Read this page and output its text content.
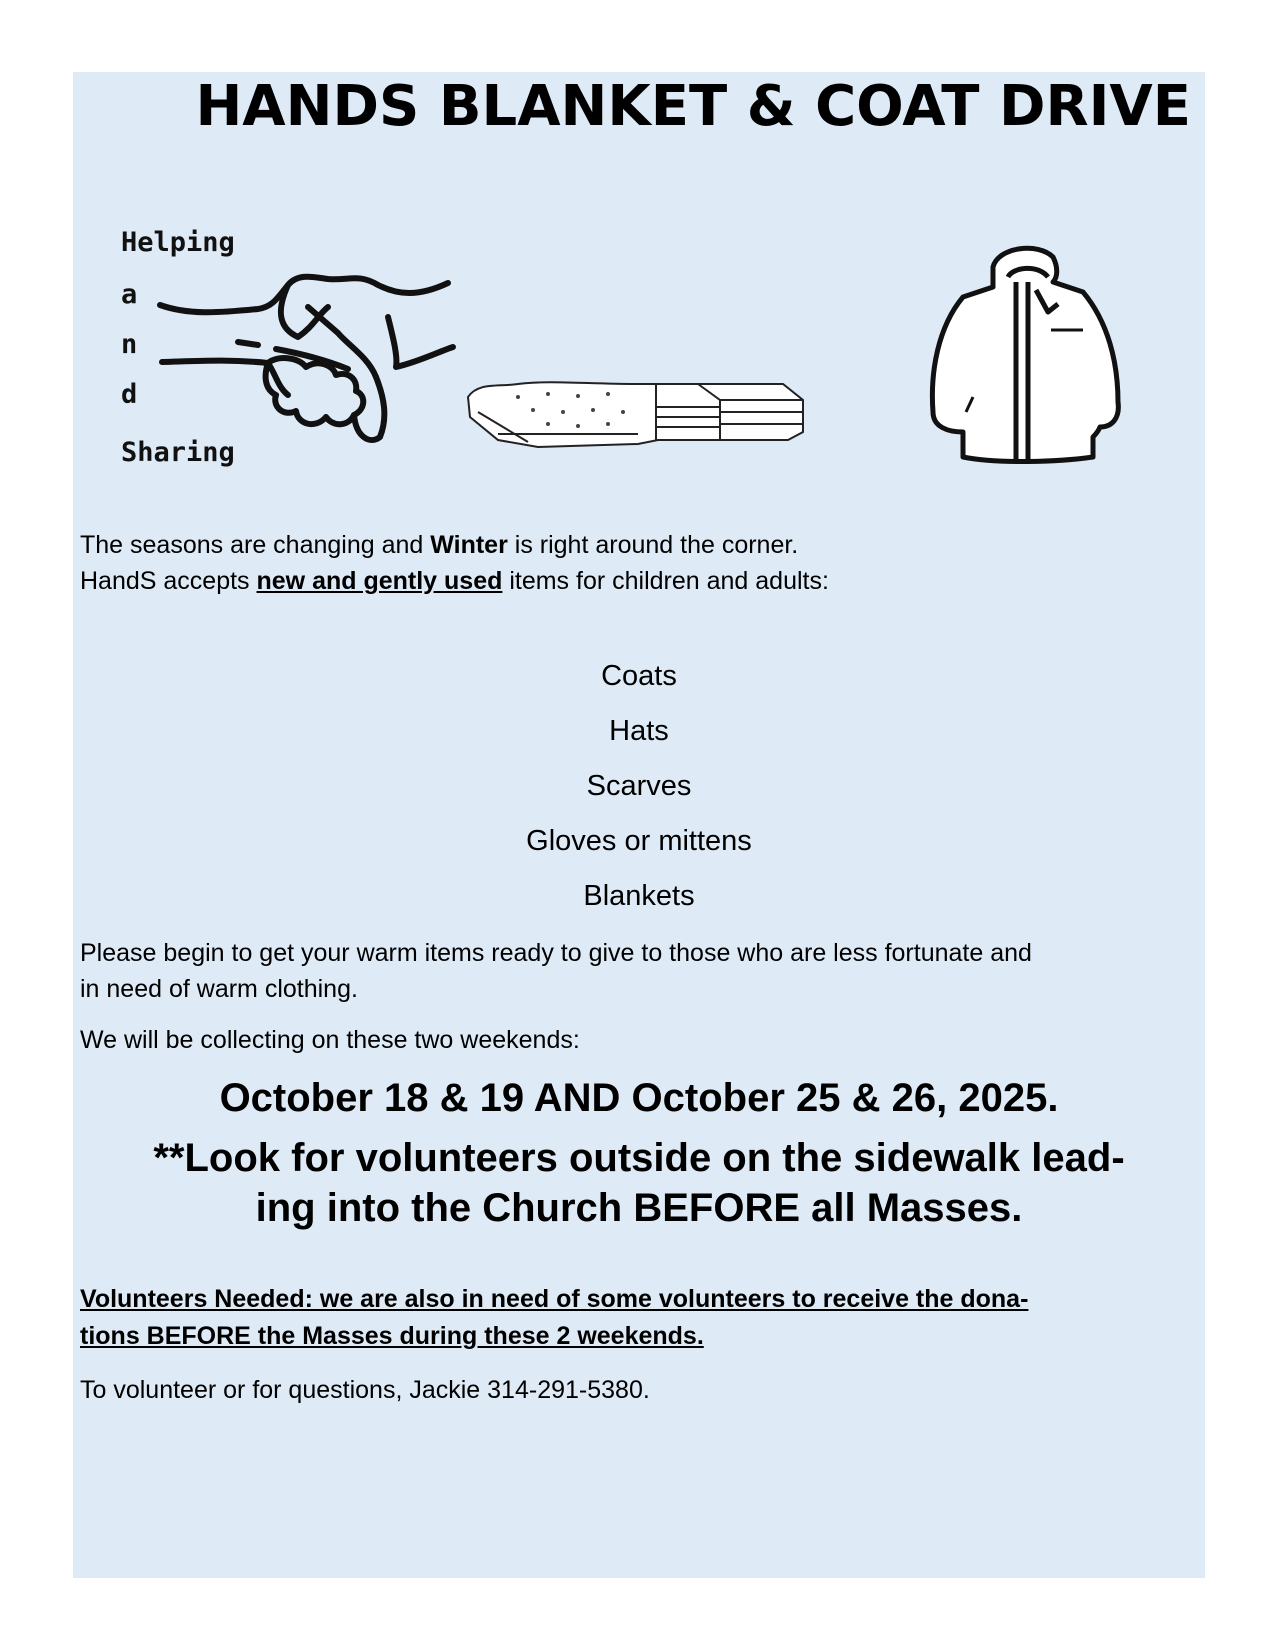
HANDS BLANKET & COAT DRIVE
Helping
a
n
d
Sharing
The seasons are changing and Winter is right around the corner.
HandS accepts new and gently used items for children and adults:
Coats
Hats
Scarves
Gloves or mittens
Blankets
Please begin to get your warm items ready to give to those who are less fortunate and
in need of warm clothing.
We will be collecting on these two weekends:
October 18 & 19 AND October 25 & 26, 2025.
**Look for volunteers outside on the sidewalk lead-
ing into the Church BEFORE all Masses.
Volunteers Needed: we are also in need of some volunteers to receive the dona-
tions BEFORE the Masses during these 2 weekends.
To volunteer or for questions, Jackie 314-291-5380.
